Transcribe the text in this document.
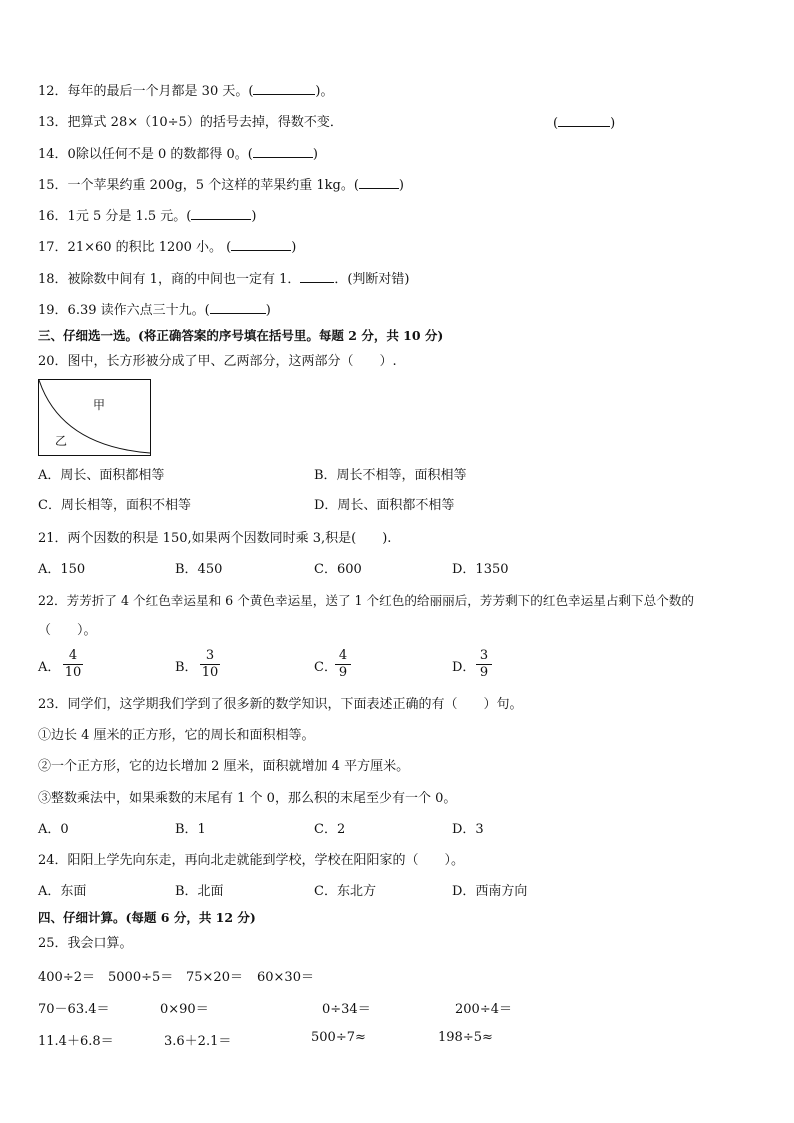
12．每年的最后一个月都是 30 天。(	)。
13．把算式 28×（10÷5）的括号去掉，得数不变．	(	)
14．0除以任何不是 0 的数都得 0。(	)
15．一个苹果约重 200g，5 个这样的苹果约重 1kg。(	)
16．1元 5 分是 1.5 元。(	)
17．21×60 的积比 1200 小。 (	)
18．被除数中间有 1，商的中间也一定有 1．	．(判断对错)
19．6.39 读作六点三十九。(	)
三、仔细选一选。(将正确答案的序号填在括号里。每题 2 分，共 10 分)
20．图中，长方形被分成了甲、乙两部分，这两部分（　　）.
甲
乙
A．周长、面积都相等	B．周长不相等，面积相等
C．周长相等，面积不相等	D．周长、面积都不相等
21．两个因数的积是 150,如果两个因数同时乘 3,积是(　　).
A．150	B．450	C．600	D．1350
22．芳芳折了 4 个红色幸运星和 6 个黄色幸运星，送了 1 个红色的给丽丽后，芳芳剩下的红色幸运星占剩下总个数的
（　　）。
A．
4
10	B．
3
10	C．
4
9	D．
3
9
23．同学们，这学期我们学到了很多新的数学知识，下面表述正确的有（　　）句。
①边长 4 厘米的正方形，它的周长和面积相等。
②一个正方形，它的边长增加 2 厘米，面积就增加 4 平方厘米。
③整数乘法中，如果乘数的末尾有 1 个 0，那么积的末尾至少有一个 0。
A．0	B．1	C．2	D．3
24．阳阳上学先向东走，再向北走就能到学校，学校在阳阳家的（　　）。
A．东面	B．北面	C．东北方	D．西南方向
四、仔细计算。(每题 6 分，共 12 分)
25．我会口算。
400÷2＝ 5000÷5＝ 75×20＝ 60×30＝
70－63.4＝	0×90＝	0÷34＝	200÷4＝
11.4＋6.8＝	3.6＋2.1＝	500÷7≈	198÷5≈
